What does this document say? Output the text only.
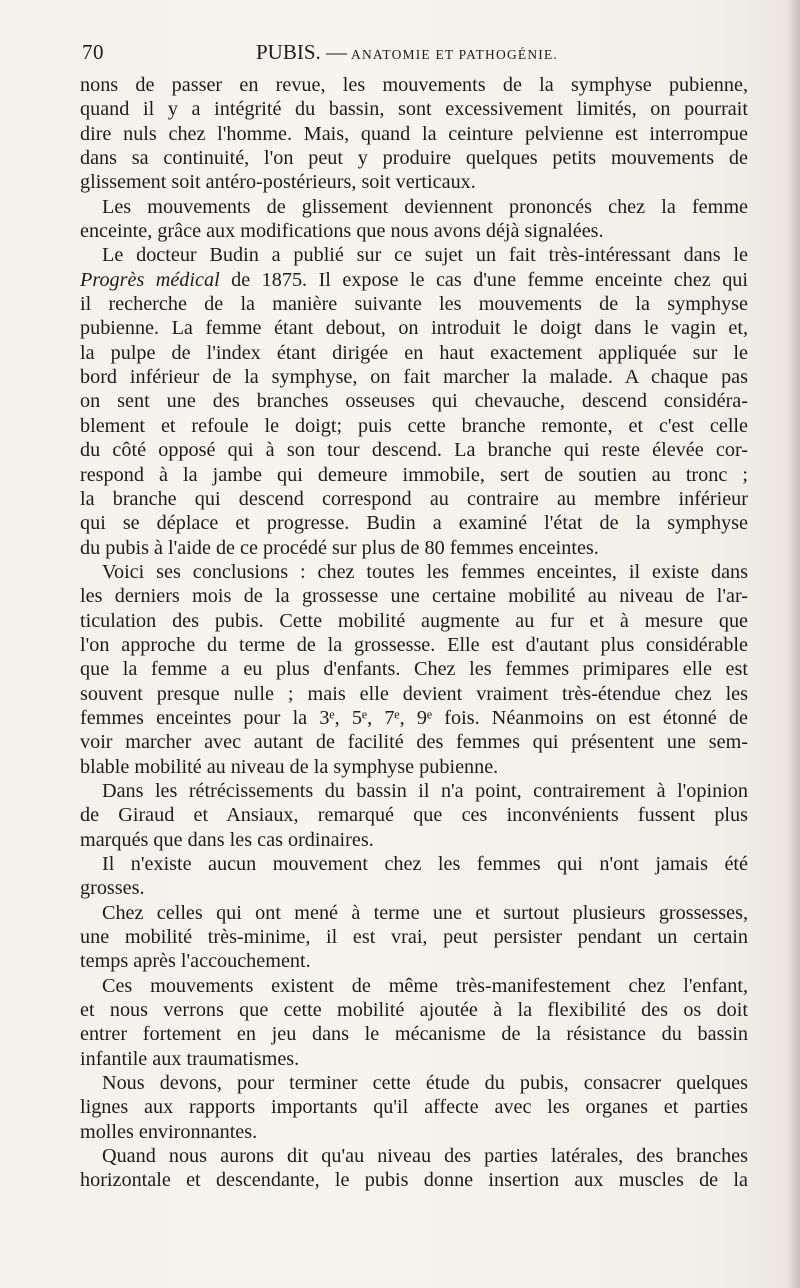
70	PUBIS. — ANATOMIE ET PATHOGÉNIE.
nons de passer en revue, les mouvements de la symphyse pubienne,
quand il y a intégrité du bassin, sont excessivement limités, on pourrait
dire nuls chez l'homme. Mais, quand la ceinture pelvienne est interrompue
dans sa continuité, l'on peut y produire quelques petits mouvements de
glissement soit antéro-postérieurs, soit verticaux.
Les mouvements de glissement deviennent prononcés chez la femme
enceinte, grâce aux modifications que nous avons déjà signalées.
Le docteur Budin a publié sur ce sujet un fait très-intéressant dans le
Progrès médical de 1875. Il expose le cas d'une femme enceinte chez qui
il recherche de la manière suivante les mouvements de la symphyse
pubienne. La femme étant debout, on introduit le doigt dans le vagin et,
la pulpe de l'index étant dirigée en haut exactement appliquée sur le
bord inférieur de la symphyse, on fait marcher la malade. A chaque pas
on sent une des branches osseuses qui chevauche, descend considéra-
blement et refoule le doigt; puis cette branche remonte, et c'est celle
du côté opposé qui à son tour descend. La branche qui reste élevée cor-
respond à la jambe qui demeure immobile, sert de soutien au tronc ;
la branche qui descend correspond au contraire au membre inférieur
qui se déplace et progresse. Budin a examiné l'état de la symphyse
du pubis à l'aide de ce procédé sur plus de 80 femmes enceintes.
Voici ses conclusions : chez toutes les femmes enceintes, il existe dans
les derniers mois de la grossesse une certaine mobilité au niveau de l'ar-
ticulation des pubis. Cette mobilité augmente au fur et à mesure que
l'on approche du terme de la grossesse. Elle est d'autant plus considérable
que la femme a eu plus d'enfants. Chez les femmes primipares elle est
souvent presque nulle ; mais elle devient vraiment très-étendue chez les
femmes enceintes pour la 3ᵉ, 5ᵉ, 7ᵉ, 9ᵉ fois. Néanmoins on est étonné de
voir marcher avec autant de facilité des femmes qui présentent une sem-
blable mobilité au niveau de la symphyse pubienne.
Dans les rétrécissements du bassin il n'a point, contrairement à l'opinion
de Giraud et Ansiaux, remarqué que ces inconvénients fussent plus
marqués que dans les cas ordinaires.
Il n'existe aucun mouvement chez les femmes qui n'ont jamais été
grosses.
Chez celles qui ont mené à terme une et surtout plusieurs grossesses,
une mobilité très-minime, il est vrai, peut persister pendant un certain
temps après l'accouchement.
Ces mouvements existent de même très-manifestement chez l'enfant,
et nous verrons que cette mobilité ajoutée à la flexibilité des os doit
entrer fortement en jeu dans le mécanisme de la résistance du bassin
infantile aux traumatismes.
Nous devons, pour terminer cette étude du pubis, consacrer quelques
lignes aux rapports importants qu'il affecte avec les organes et parties
molles environnantes.
Quand nous aurons dit qu'au niveau des parties latérales, des branches
horizontale et descendante, le pubis donne insertion aux muscles de la
